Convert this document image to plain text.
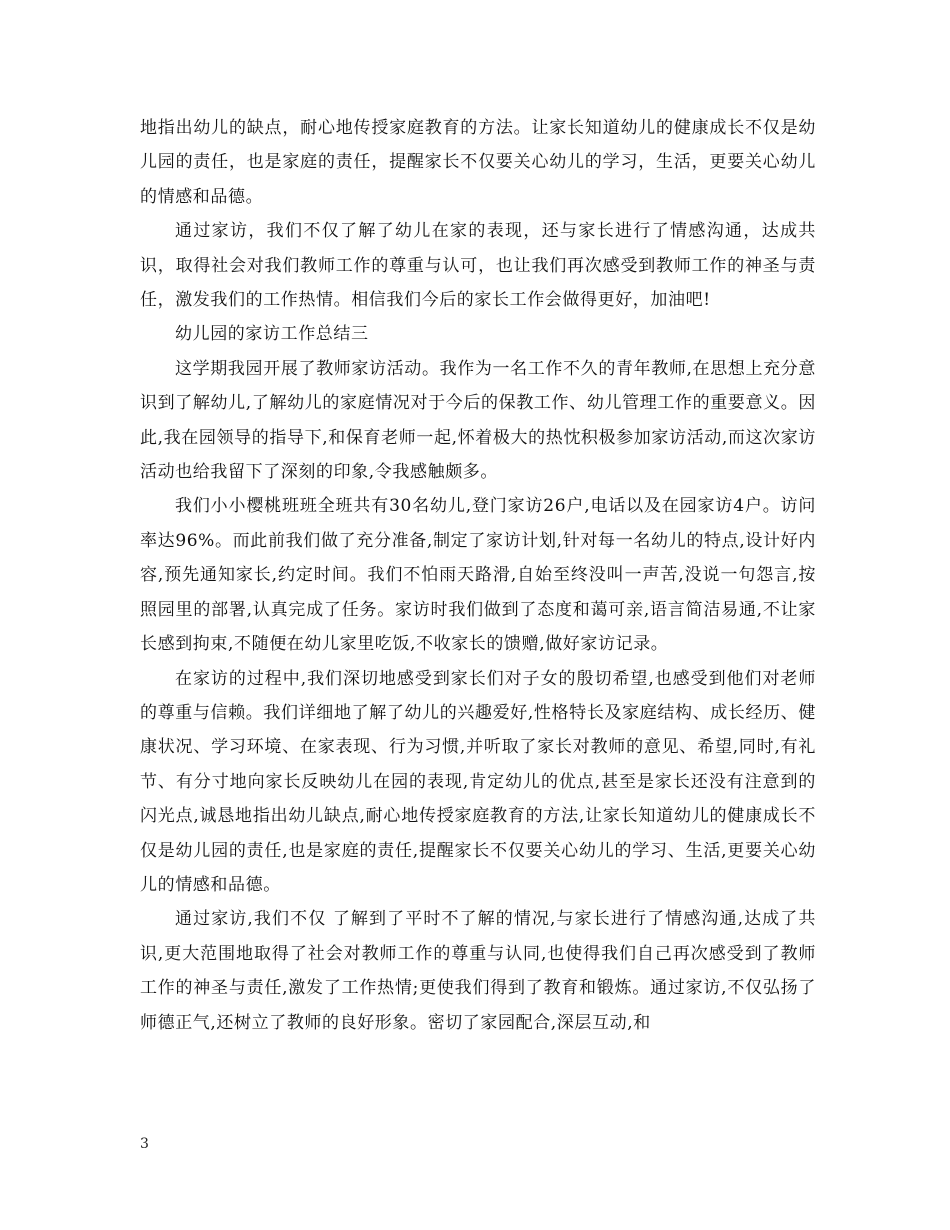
地指出幼儿的缺点，耐心地传授家庭教育的方法。让家长知道幼儿的健康成长不仅是幼儿园的责任，也是家庭的责任，提醒家长不仅要关心幼儿的学习，生活，更要关心幼儿的情感和品德。

通过家访，我们不仅了解了幼儿在家的表现，还与家长进行了情感沟通，达成共识，取得社会对我们教师工作的尊重与认可，也让我们再次感受到教师工作的神圣与责任，激发我们的工作热情。相信我们今后的家长工作会做得更好，加油吧!

幼儿园的家访工作总结三

这学期我园开展了教师家访活动。我作为一名工作不久的青年教师,在思想上充分意识到了解幼儿,了解幼儿的家庭情况对于今后的保教工作、幼儿管理工作的重要意义。因此,我在园领导的指导下,和保育老师一起,怀着极大的热忱积极参加家访活动,而这次家访活动也给我留下了深刻的印象,令我感触颇多。

我们小小樱桃班班全班共有30名幼儿,登门家访26户,电话以及在园家访4户。访问率达96%。而此前我们做了充分准备,制定了家访计划,针对每一名幼儿的特点,设计好内容,预先通知家长,约定时间。我们不怕雨天路滑,自始至终没叫一声苦,没说一句怨言,按照园里的部署,认真完成了任务。家访时我们做到了态度和蔼可亲,语言简洁易通,不让家长感到拘束,不随便在幼儿家里吃饭,不收家长的馈赠,做好家访记录。

在家访的过程中,我们深切地感受到家长们对子女的殷切希望,也感受到他们对老师的尊重与信赖。我们详细地了解了幼儿的兴趣爱好,性格特长及家庭结构、成长经历、健康状况、学习环境、在家表现、行为习惯,并听取了家长对教师的意见、希望,同时,有礼节、有分寸地向家长反映幼儿在园的表现,肯定幼儿的优点,甚至是家长还没有注意到的闪光点,诚恳地指出幼儿缺点,耐心地传授家庭教育的方法,让家长知道幼儿的健康成长不仅是幼儿园的责任,也是家庭的责任,提醒家长不仅要关心幼儿的学习、生活,更要关心幼儿的情感和品德。

通过家访,我们不仅 了解到了平时不了解的情况,与家长进行了情感沟通,达成了共识,更大范围地取得了社会对教师工作的尊重与认同,也使得我们自己再次感受到了教师工作的神圣与责任,激发了工作热情;更使我们得到了教育和锻炼。通过家访,不仅弘扬了师德正气,还树立了教师的良好形象。密切了家园配合,深层互动,和

3
